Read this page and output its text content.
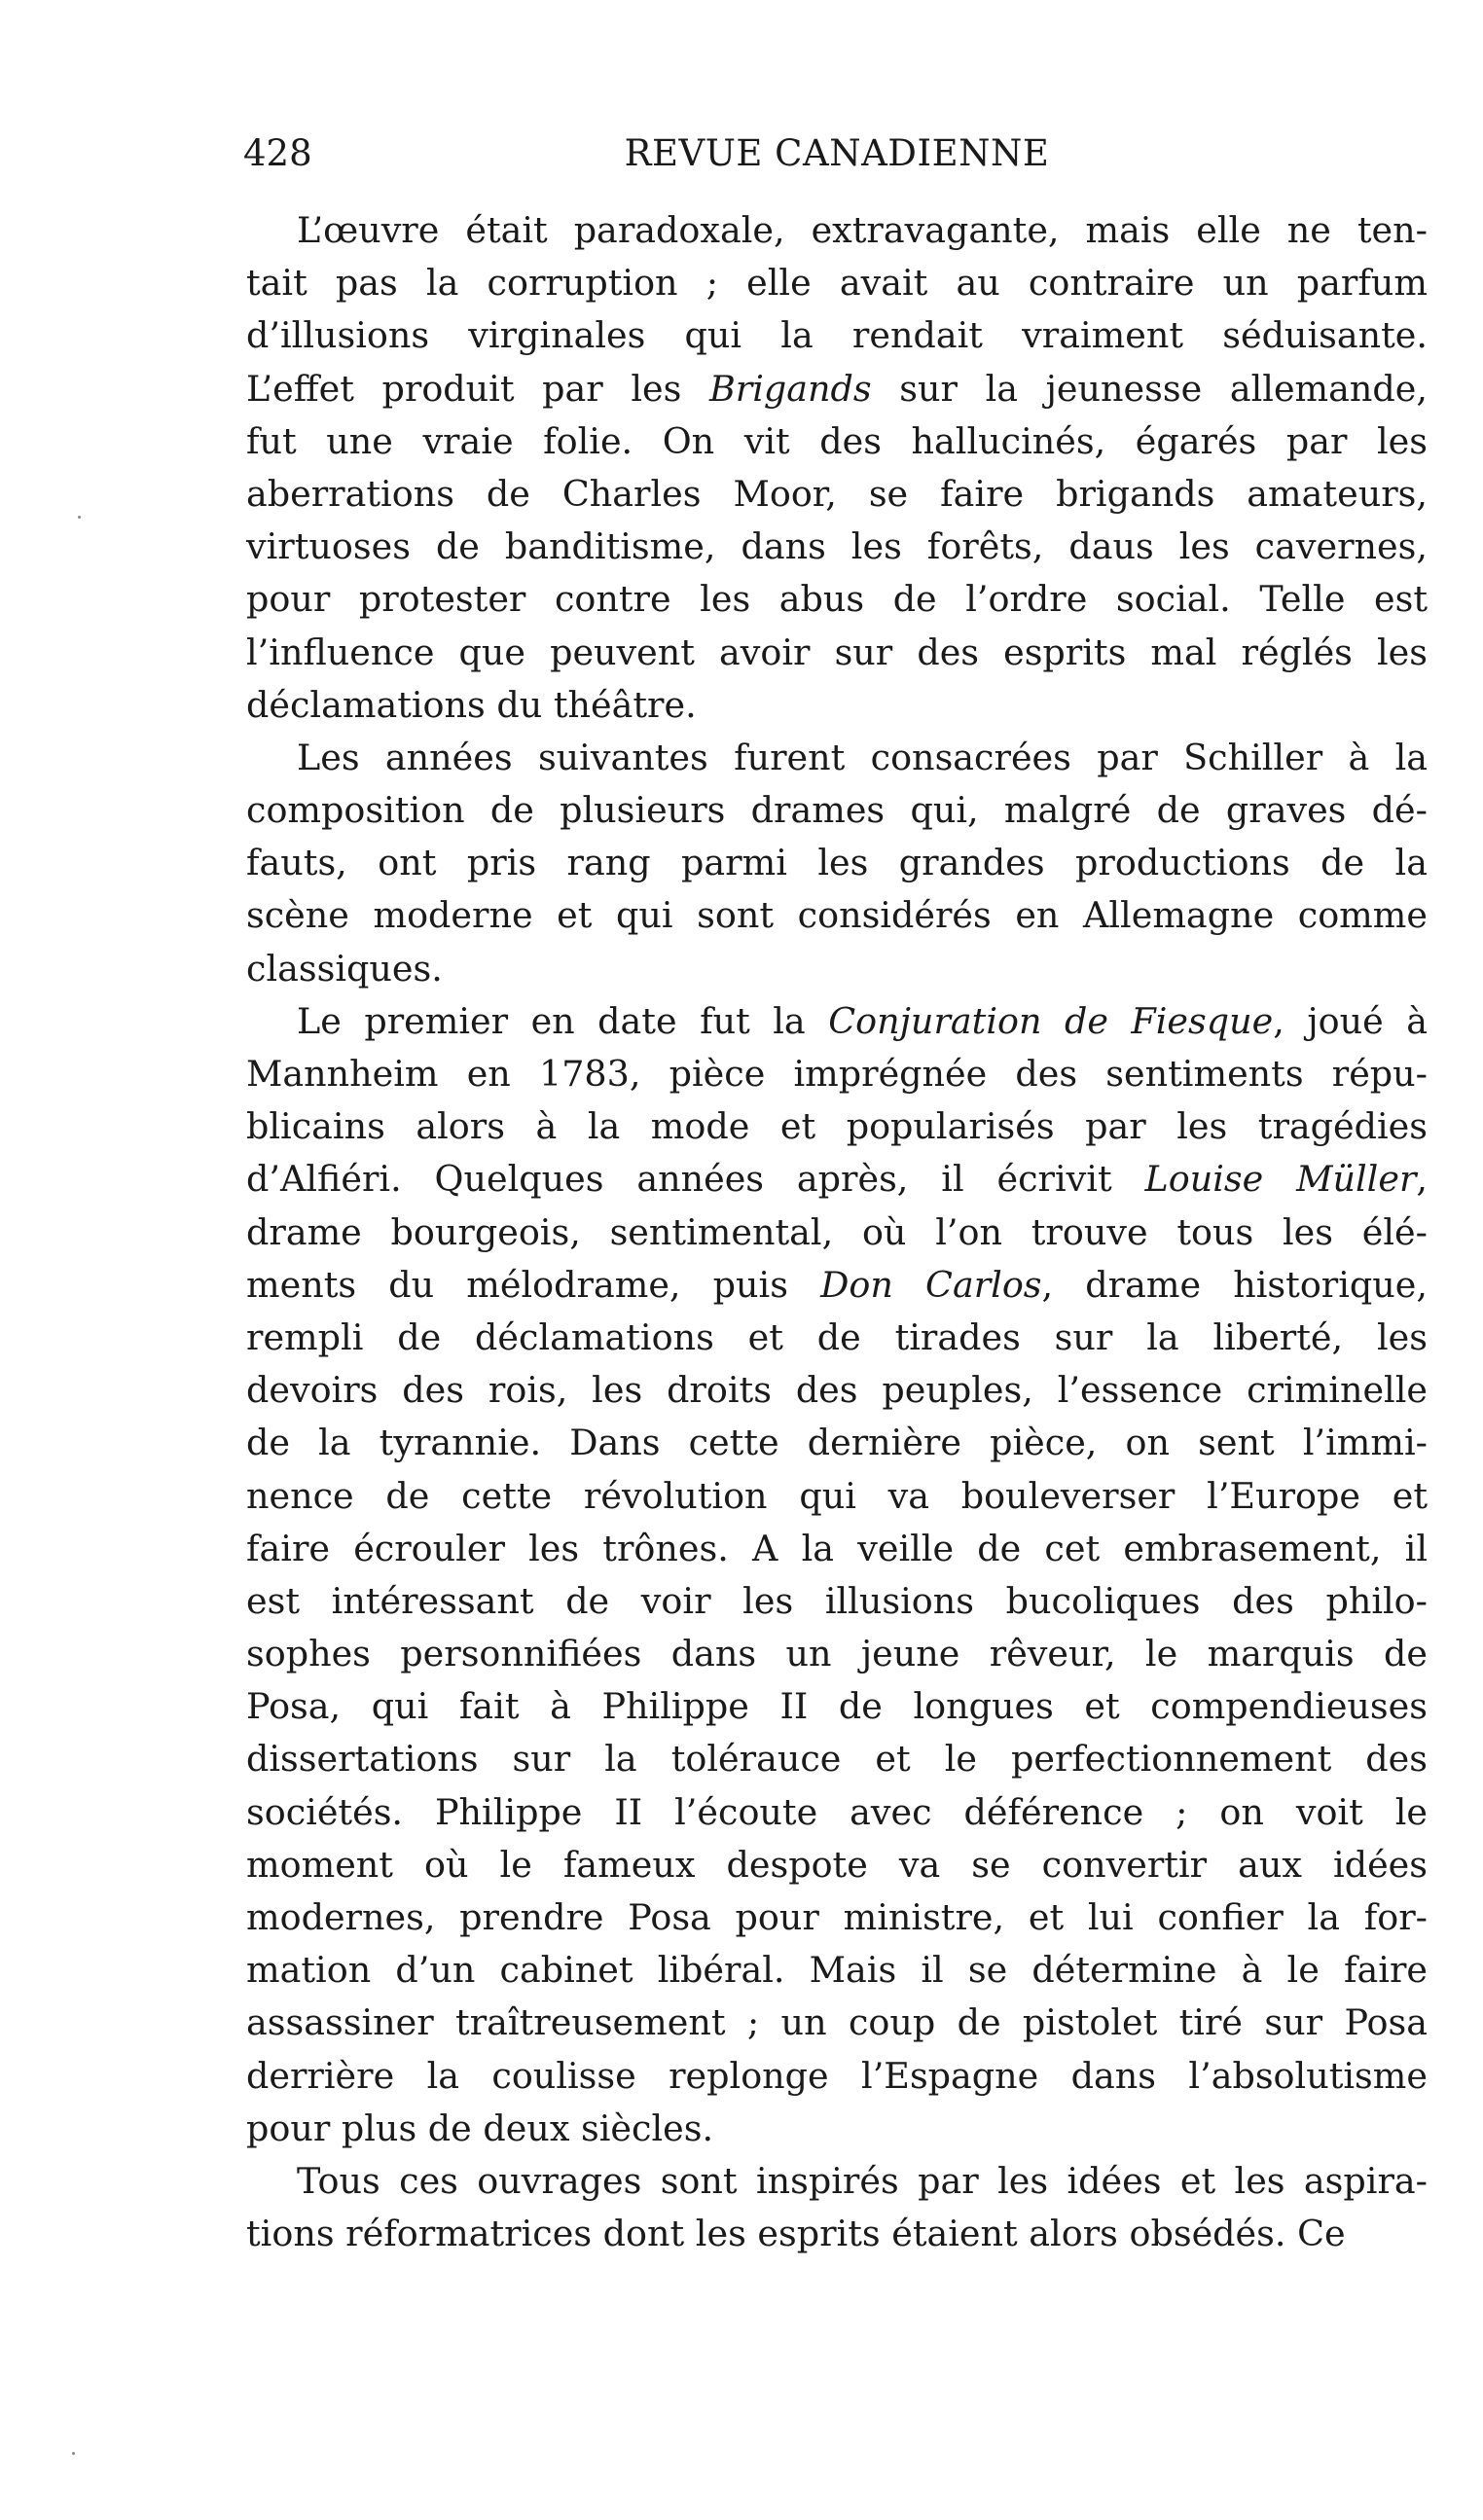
428	REVUE CANADIENNE
L’œuvre était paradoxale, extravagante, mais elle ne ten-
tait pas la corruption ; elle avait au contraire un parfum
d’illusions virginales qui la rendait vraiment séduisante.
L’effet produit par les Brigands sur la jeunesse allemande,
fut une vraie folie. On vit des hallucinés, égarés par les
aberrations de Charles Moor, se faire brigands amateurs,
virtuoses de banditisme, dans les forêts, daus les cavernes,
pour protester contre les abus de l’ordre social. Telle est
l’influence que peuvent avoir sur des esprits mal réglés les
déclamations du théâtre.
Les années suivantes furent consacrées par Schiller à la
composition de plusieurs drames qui, malgré de graves dé-
fauts, ont pris rang parmi les grandes productions de la
scène moderne et qui sont considérés en Allemagne comme
classiques.
Le premier en date fut la Conjuration de Fiesque, joué à
Mannheim en 1783, pièce imprégnée des sentiments répu-
blicains alors à la mode et popularisés par les tragédies
d’Alfiéri. Quelques années après, il écrivit Louise Müller,
drame bourgeois, sentimental, où l’on trouve tous les élé-
ments du mélodrame, puis Don Carlos, drame historique,
rempli de déclamations et de tirades sur la liberté, les
devoirs des rois, les droits des peuples, l’essence criminelle
de la tyrannie. Dans cette dernière pièce, on sent l’immi-
nence de cette révolution qui va bouleverser l’Europe et
faire écrouler les trônes. A la veille de cet embrasement, il
est intéressant de voir les illusions bucoliques des philo-
sophes personnifiées dans un jeune rêveur, le marquis de
Posa, qui fait à Philippe II de longues et compendieuses
dissertations sur la tolérauce et le perfectionnement des
sociétés. Philippe II l’écoute avec déférence ; on voit le
moment où le fameux despote va se convertir aux idées
modernes, prendre Posa pour ministre, et lui confier la for-
mation d’un cabinet libéral. Mais il se détermine à le faire
assassiner traîtreusement ; un coup de pistolet tiré sur Posa
derrière la coulisse replonge l’Espagne dans l’absolutisme
pour plus de deux siècles.
Tous ces ouvrages sont inspirés par les idées et les aspira-
tions réformatrices dont les esprits étaient alors obsédés. Ce
